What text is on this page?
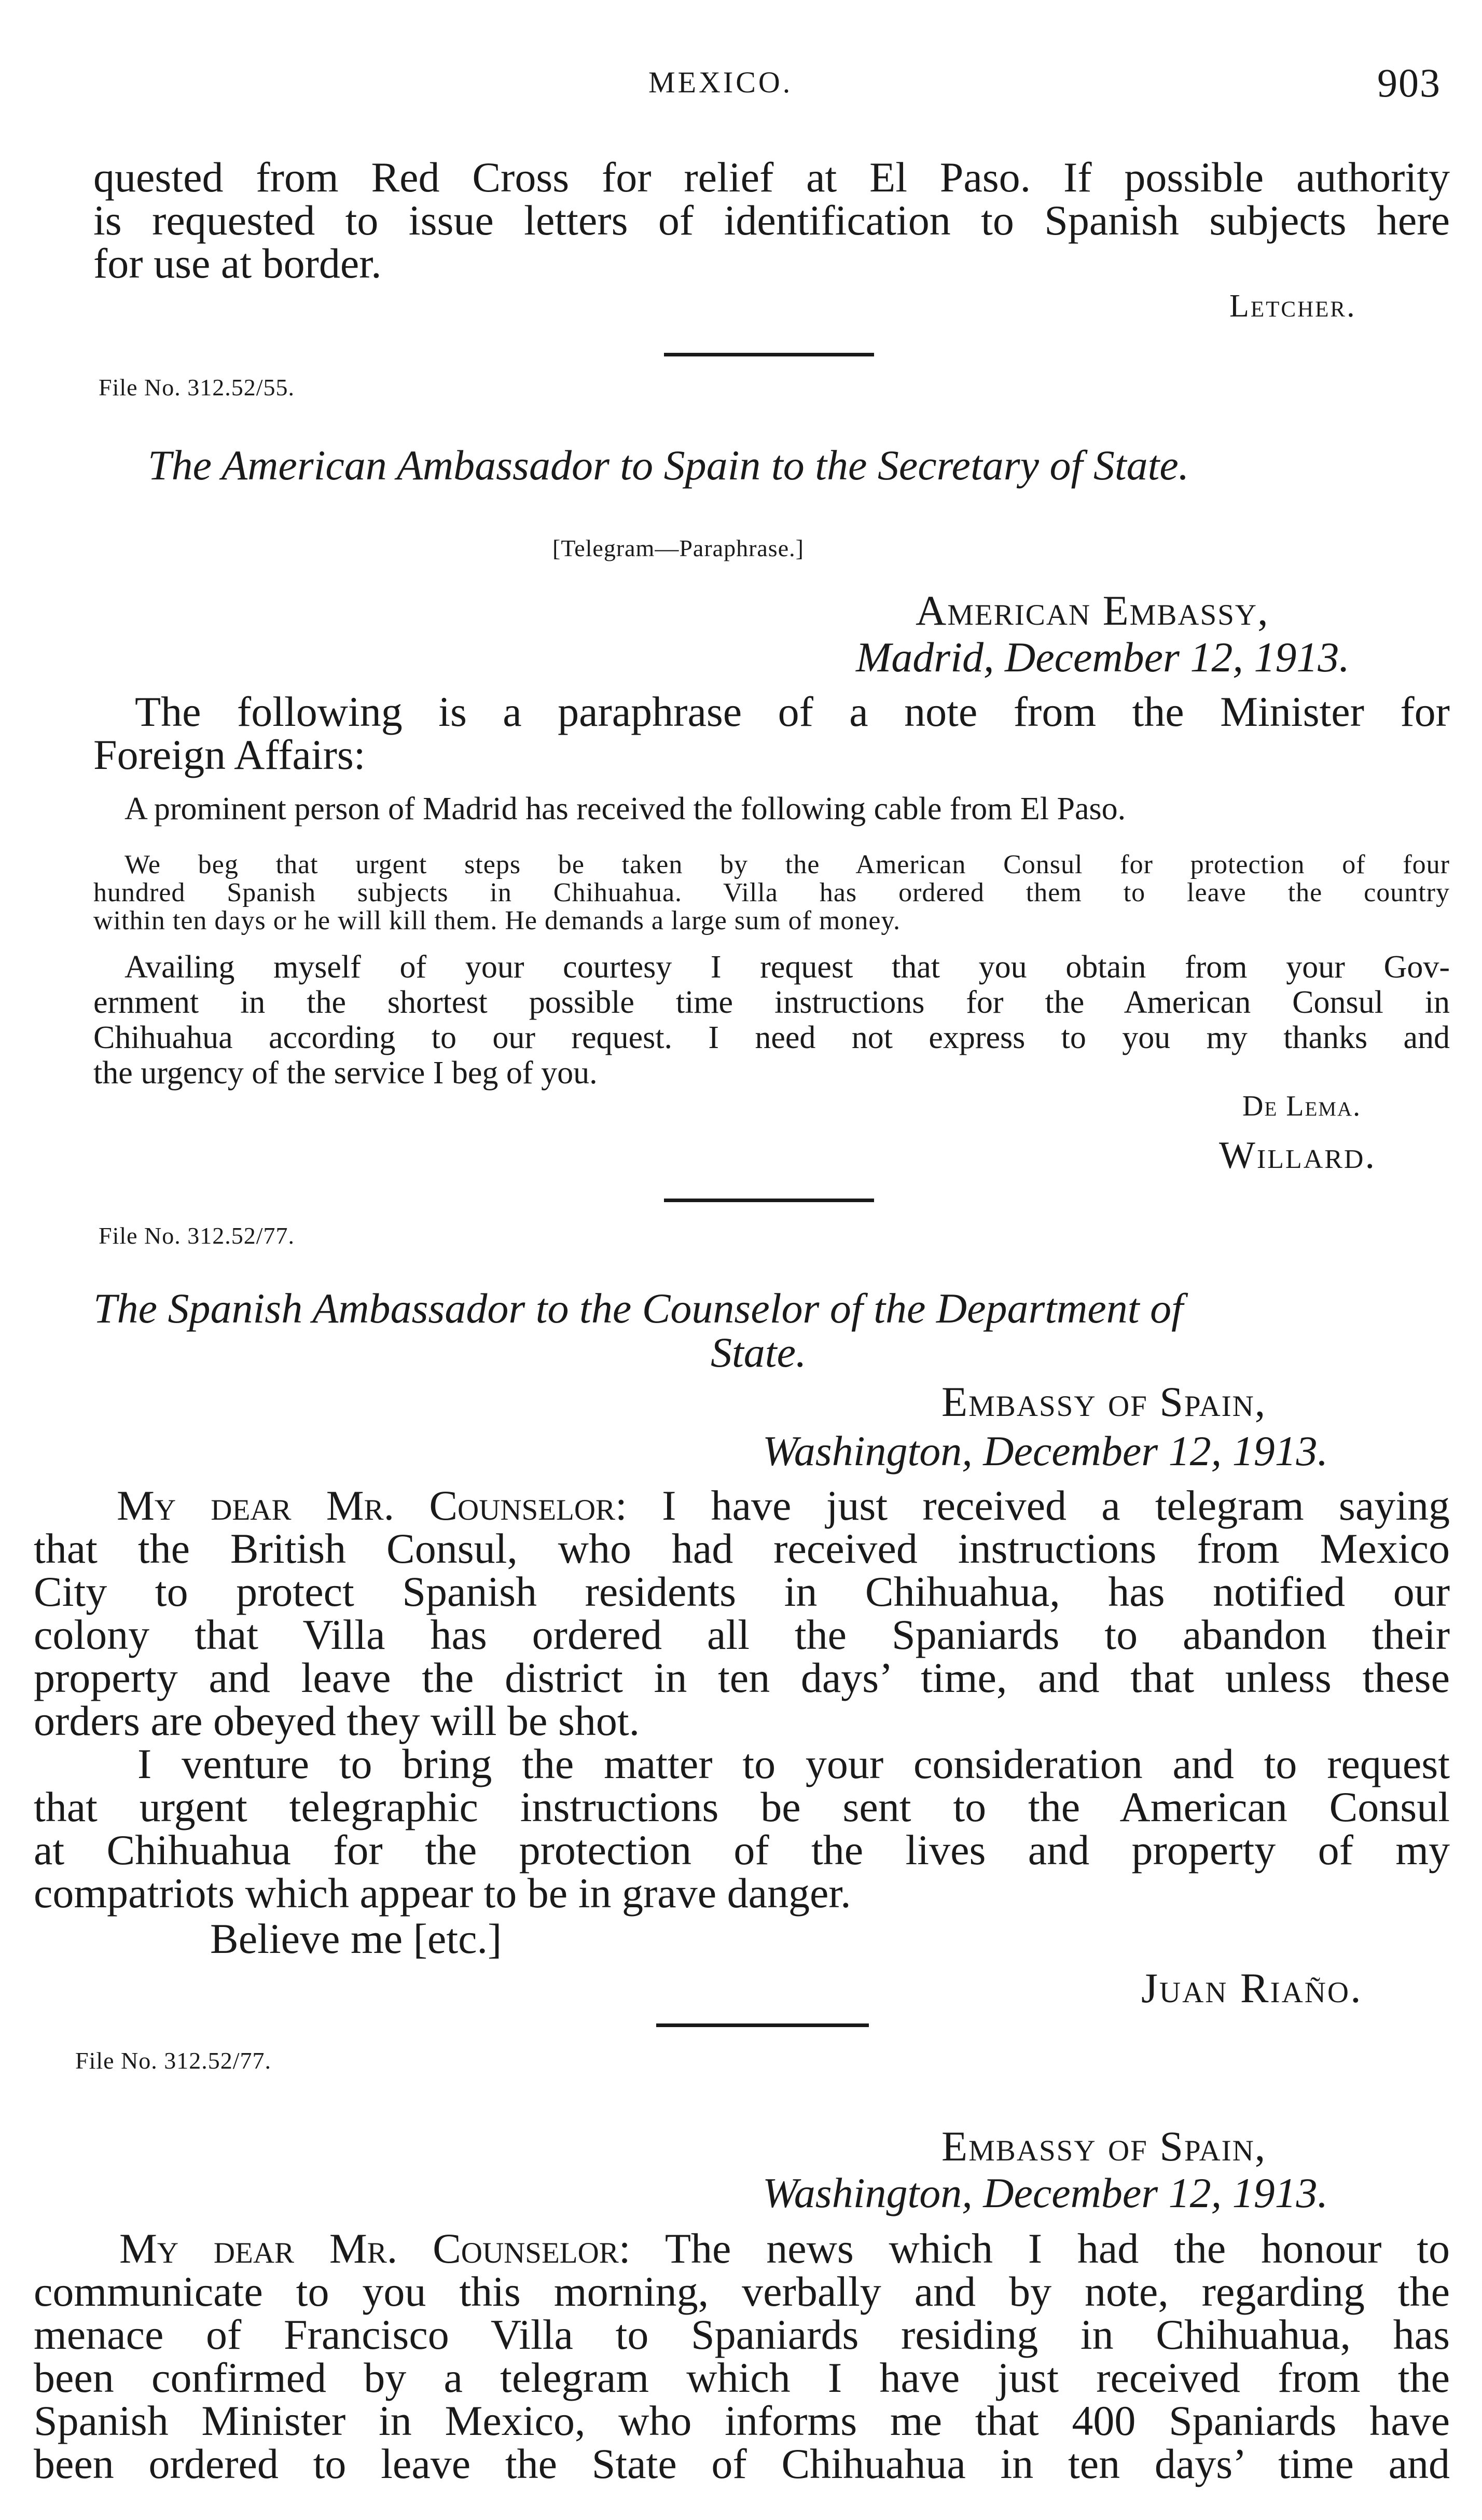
MEXICO.	903
quested from Red Cross for relief at El Paso. If possible authority
is requested to issue letters of identification to Spanish subjects here
for use at border.
Letcher.
File No. 312.52/55.
The American Ambassador to Spain to the Secretary of State.
[Telegram—Paraphrase.]
American Embassy,
Madrid, December 12, 1913.
The following is a paraphrase of a note from the Minister for
Foreign Affairs:
A prominent person of Madrid has received the following cable from El Paso.
We beg that urgent steps be taken by the American Consul for protection of four
hundred Spanish subjects in Chihuahua. Villa has ordered them to leave the country
within ten days or he will kill them. He demands a large sum of money.
Availing myself of your courtesy I request that you obtain from your Gov-
ernment in the shortest possible time instructions for the American Consul in
Chihuahua according to our request. I need not express to you my thanks and
the urgency of the service I beg of you.
De Lema.
Willard.
File No. 312.52/77.
The Spanish Ambassador to the Counselor of the Department of
State.
Embassy of Spain,
Washington, December 12, 1913.
My dear Mr. Counselor: I have just received a telegram saying
that the British Consul, who had received instructions from Mexico
City to protect Spanish residents in Chihuahua, has notified our
colony that Villa has ordered all the Spaniards to abandon their
property and leave the district in ten days’ time, and that unless these
orders are obeyed they will be shot.
I venture to bring the matter to your consideration and to request
that urgent telegraphic instructions be sent to the American Consul
at Chihuahua for the protection of the lives and property of my
compatriots which appear to be in grave danger.
Believe me [etc.]
Juan Riaño.
File No. 312.52/77.
Embassy of Spain,
Washington, December 12, 1913.
My dear Mr. Counselor: The news which I had the honour to
communicate to you this morning, verbally and by note, regarding the
menace of Francisco Villa to Spaniards residing in Chihuahua, has
been confirmed by a telegram which I have just received from the
Spanish Minister in Mexico, who informs me that 400 Spaniards have
been ordered to leave the State of Chihuahua in ten days’ time and
